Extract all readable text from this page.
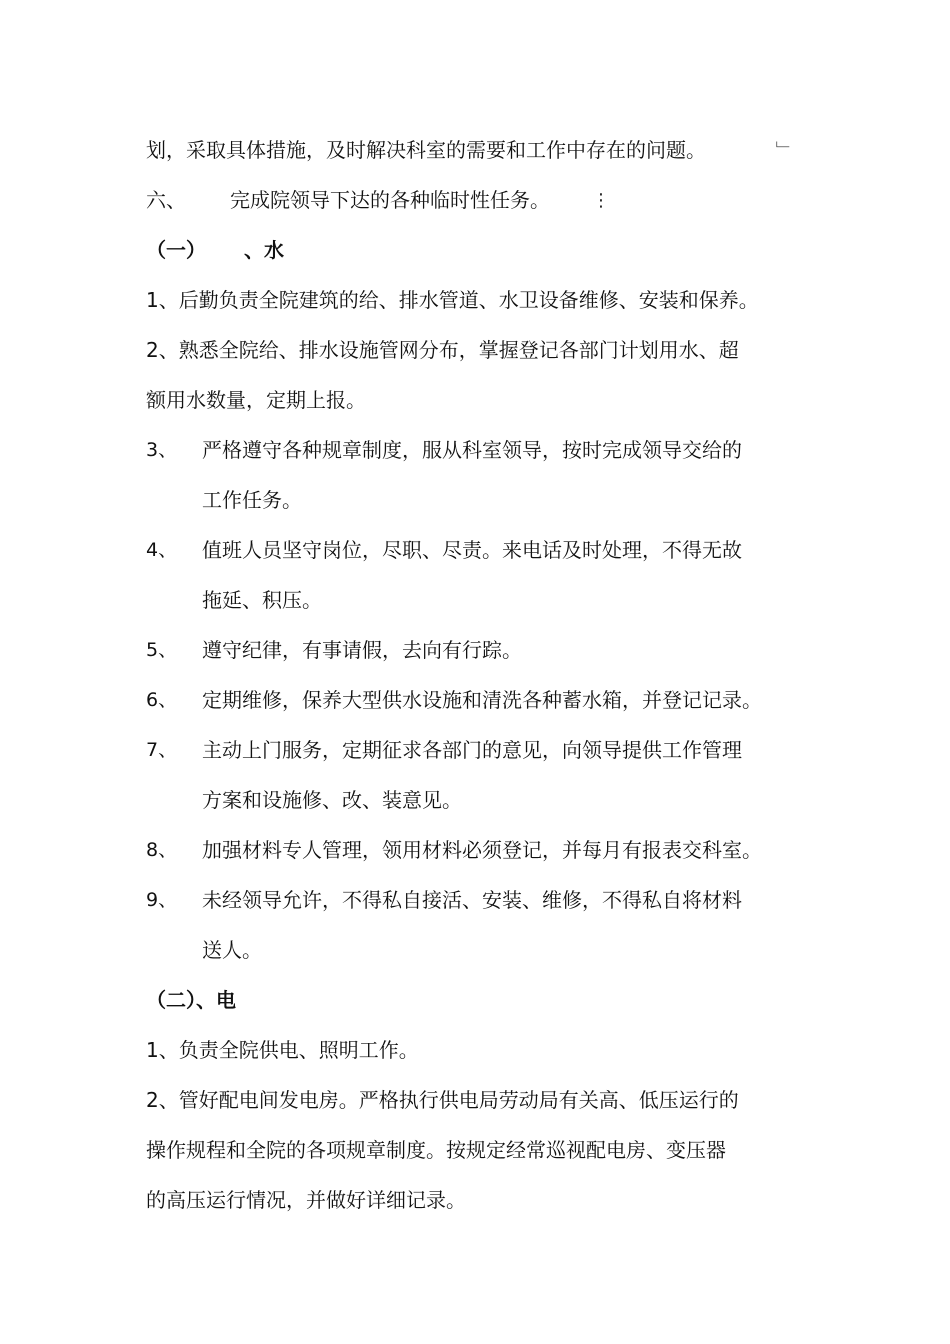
划，采取具体措施，及时解决科室的需要和工作中存在的问题。	﹂
六、 完成院领导下达的各种临时性任务。 ⋮
（一） 、水
1、后勤负责全院建筑的给、排水管道、水卫设备维修、安装和保养。
2、熟悉全院给、排水设施管网分布，掌握登记各部门计划用水、超
额用水数量，定期上报。
3、 严格遵守各种规章制度，服从科室领导，按时完成领导交给的
工作任务。
4、 值班人员坚守岗位，尽职、尽责。来电话及时处理，不得无故
拖延、积压。
5、 遵守纪律，有事请假，去向有行踪。
6、 定期维修，保养大型供水设施和清洗各种蓄水箱，并登记记录。
7、 主动上门服务，定期征求各部门的意见，向领导提供工作管理
方案和设施修、改、装意见。
8、 加强材料专人管理，领用材料必须登记，并每月有报表交科室。
9、 未经领导允许，不得私自接活、安装、维修，不得私自将材料
送人。
（二）、电
1、负责全院供电、照明工作。
2、管好配电间发电房。严格执行供电局劳动局有关高、低压运行的
操作规程和全院的各项规章制度。按规定经常巡视配电房、变压器
的高压运行情况，并做好详细记录。
